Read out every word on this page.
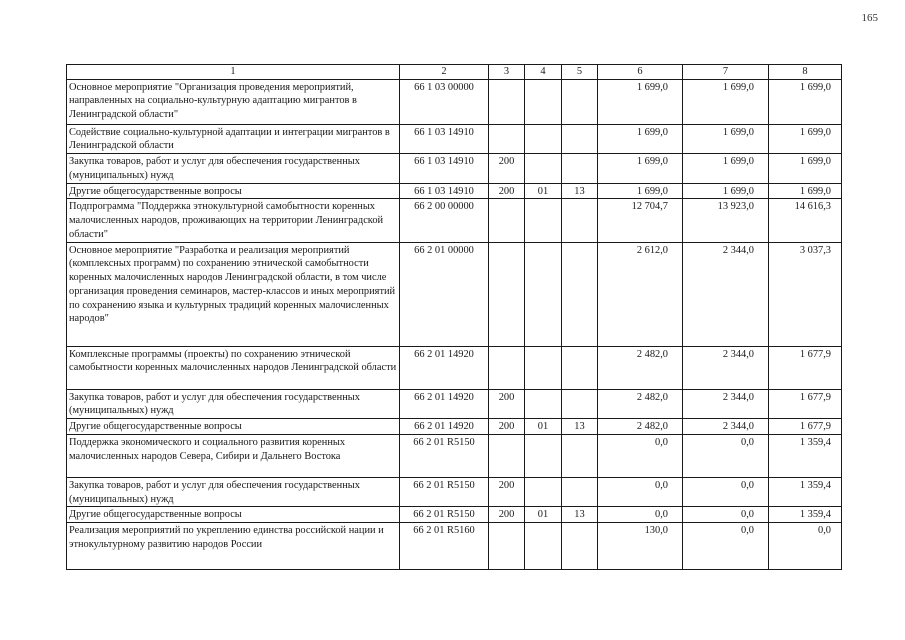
165
1	2	3	4	5	6	7	8
Основное мероприятие "Организация проведения мероприятий, направленных на социально-культурную адаптацию мигрантов в Ленинградской области"	66 1 03 00000				1 699,0	1 699,0	1 699,0
Содействие социально-культурной адаптации и интеграции мигрантов в Ленинградской области	66 1 03 14910				1 699,0	1 699,0	1 699,0
Закупка товаров, работ и услуг для обеспечения государственных (муниципальных) нужд	66 1 03 14910	200			1 699,0	1 699,0	1 699,0
Другие общегосударственные вопросы	66 1 03 14910	200	01	13	1 699,0	1 699,0	1 699,0
Подпрограмма "Поддержка этнокультурной самобытности коренных малочисленных народов, проживающих на территории Ленинградской области"	66 2 00 00000				12 704,7	13 923,0	14 616,3
Основное мероприятие "Разработка и реализация мероприятий (комплексных программ) по сохранению этнической самобытности коренных малочисленных народов Ленинградской области, в том числе организация проведения семинаров, мастер-классов и иных мероприятий по сохранению языка и культурных традиций коренных малочисленных народов"	66 2 01 00000				2 612,0	2 344,0	3 037,3
Комплексные программы (проекты) по сохранению этнической самобытности коренных малочисленных народов Ленинградской области	66 2 01 14920				2 482,0	2 344,0	1 677,9
Закупка товаров, работ и услуг для обеспечения государственных (муниципальных) нужд	66 2 01 14920	200			2 482,0	2 344,0	1 677,9
Другие общегосударственные вопросы	66 2 01 14920	200	01	13	2 482,0	2 344,0	1 677,9
Поддержка экономического и социального развития коренных малочисленных народов Севера, Сибири и Дальнего Востока	66 2 01 R5150				0,0	0,0	1 359,4
Закупка товаров, работ и услуг для обеспечения государственных (муниципальных) нужд	66 2 01 R5150	200			0,0	0,0	1 359,4
Другие общегосударственные вопросы	66 2 01 R5150	200	01	13	0,0	0,0	1 359,4
Реализация мероприятий по укреплению единства российской нации и этнокультурному развитию народов России	66 2 01 R5160				130,0	0,0	0,0
